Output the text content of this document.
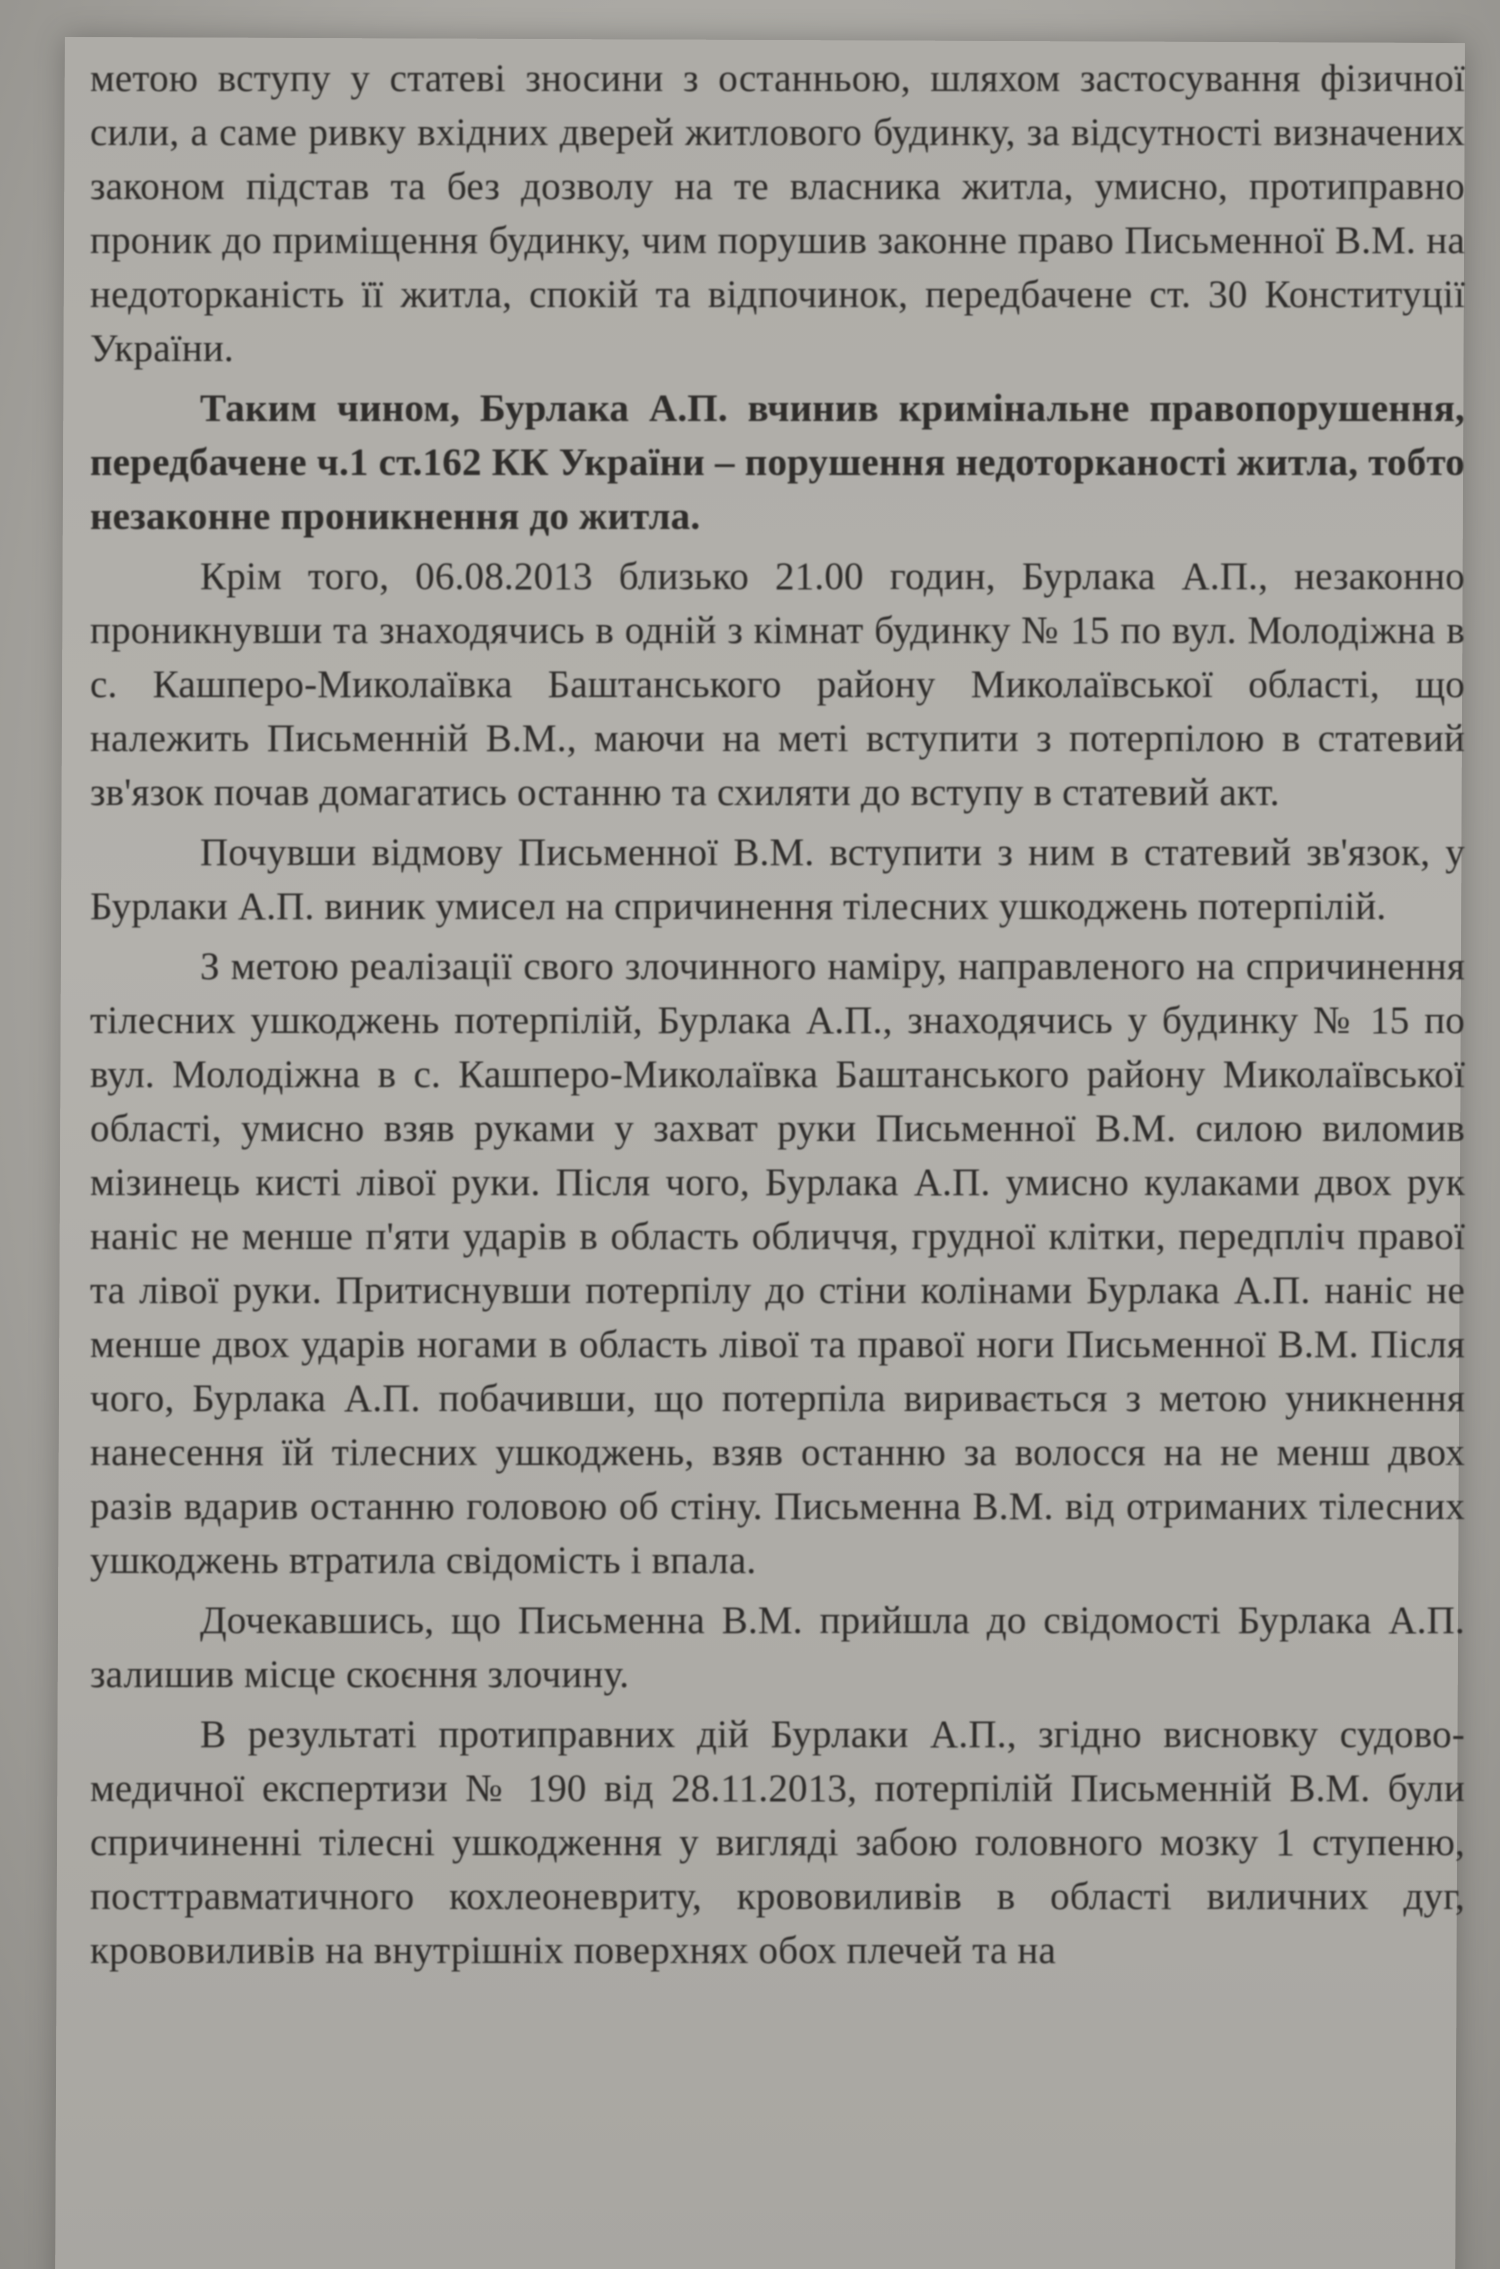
метою вступу у статеві зносини з останньою, шляхом застосування фізичної сили, а саме ривку вхідних дверей житлового будинку, за відсутності визначених законом підстав та без дозволу на те власника житла, умисно, протиправно проник до приміщення будинку, чим порушив законне право Письменної В.М. на недоторканість її житла, спокій та відпочинок, передбачене ст. 30 Конституції України.

Таким чином, Бурлака А.П. вчинив кримінальне правопорушення, передбачене ч.1 ст.162 КК України – порушення недоторканості житла, тобто незаконне проникнення до житла.

Крім того, 06.08.2013 близько 21.00 годин, Бурлака А.П., незаконно проникнувши та знаходячись в одній з кімнат будинку № 15 по вул. Молодіжна в с. Кашперо-Миколаївка Баштанського району Миколаївської області, що належить Письменній В.М., маючи на меті вступити з потерпілою в статевий зв'язок почав домагатись останню та схиляти до вступу в статевий акт.

Почувши відмову Письменної В.М. вступити з ним в статевий зв'язок, у Бурлаки А.П. виник умисел на спричинення тілесних ушкоджень потерпілій.

З метою реалізації свого злочинного наміру, направленого на спричинення тілесних ушкоджень потерпілій, Бурлака А.П., знаходячись у будинку № 15 по вул. Молодіжна в с. Кашперо-Миколаївка Баштанського району Миколаївської області, умисно взяв руками у захват руки Письменної В.М. силою виломив мізинець кисті лівої руки. Після чого, Бурлака А.П. умисно кулаками двох рук наніс не менше п'яти ударів в область обличчя, грудної клітки, передпліч правої та лівої руки. Притиснувши потерпілу до стіни колінами Бурлака А.П. наніс не менше двох ударів ногами в область лівої та правої ноги Письменної В.М. Після чого, Бурлака А.П. побачивши, що потерпіла виривається з метою уникнення нанесення їй тілесних ушкоджень, взяв останню за волосся на не менш двох разів вдарив останню головою об стіну. Письменна В.М. від отриманих тілесних ушкоджень втратила свідомість і впала.

Дочекавшись, що Письменна В.М. прийшла до свідомості Бурлака А.П. залишив місце скоєння злочину.

В результаті протиправних дій Бурлаки А.П., згідно висновку судово-медичної експертизи № 190 від 28.11.2013, потерпілій Письменній В.М. були спричиненні тілесні ушкодження у вигляді забою головного мозку 1 ступеню, посттравматичного кохлеоневриту, крововиливів в області виличних дуг, крововиливів на внутрішніх поверхнях обох плечей та на
